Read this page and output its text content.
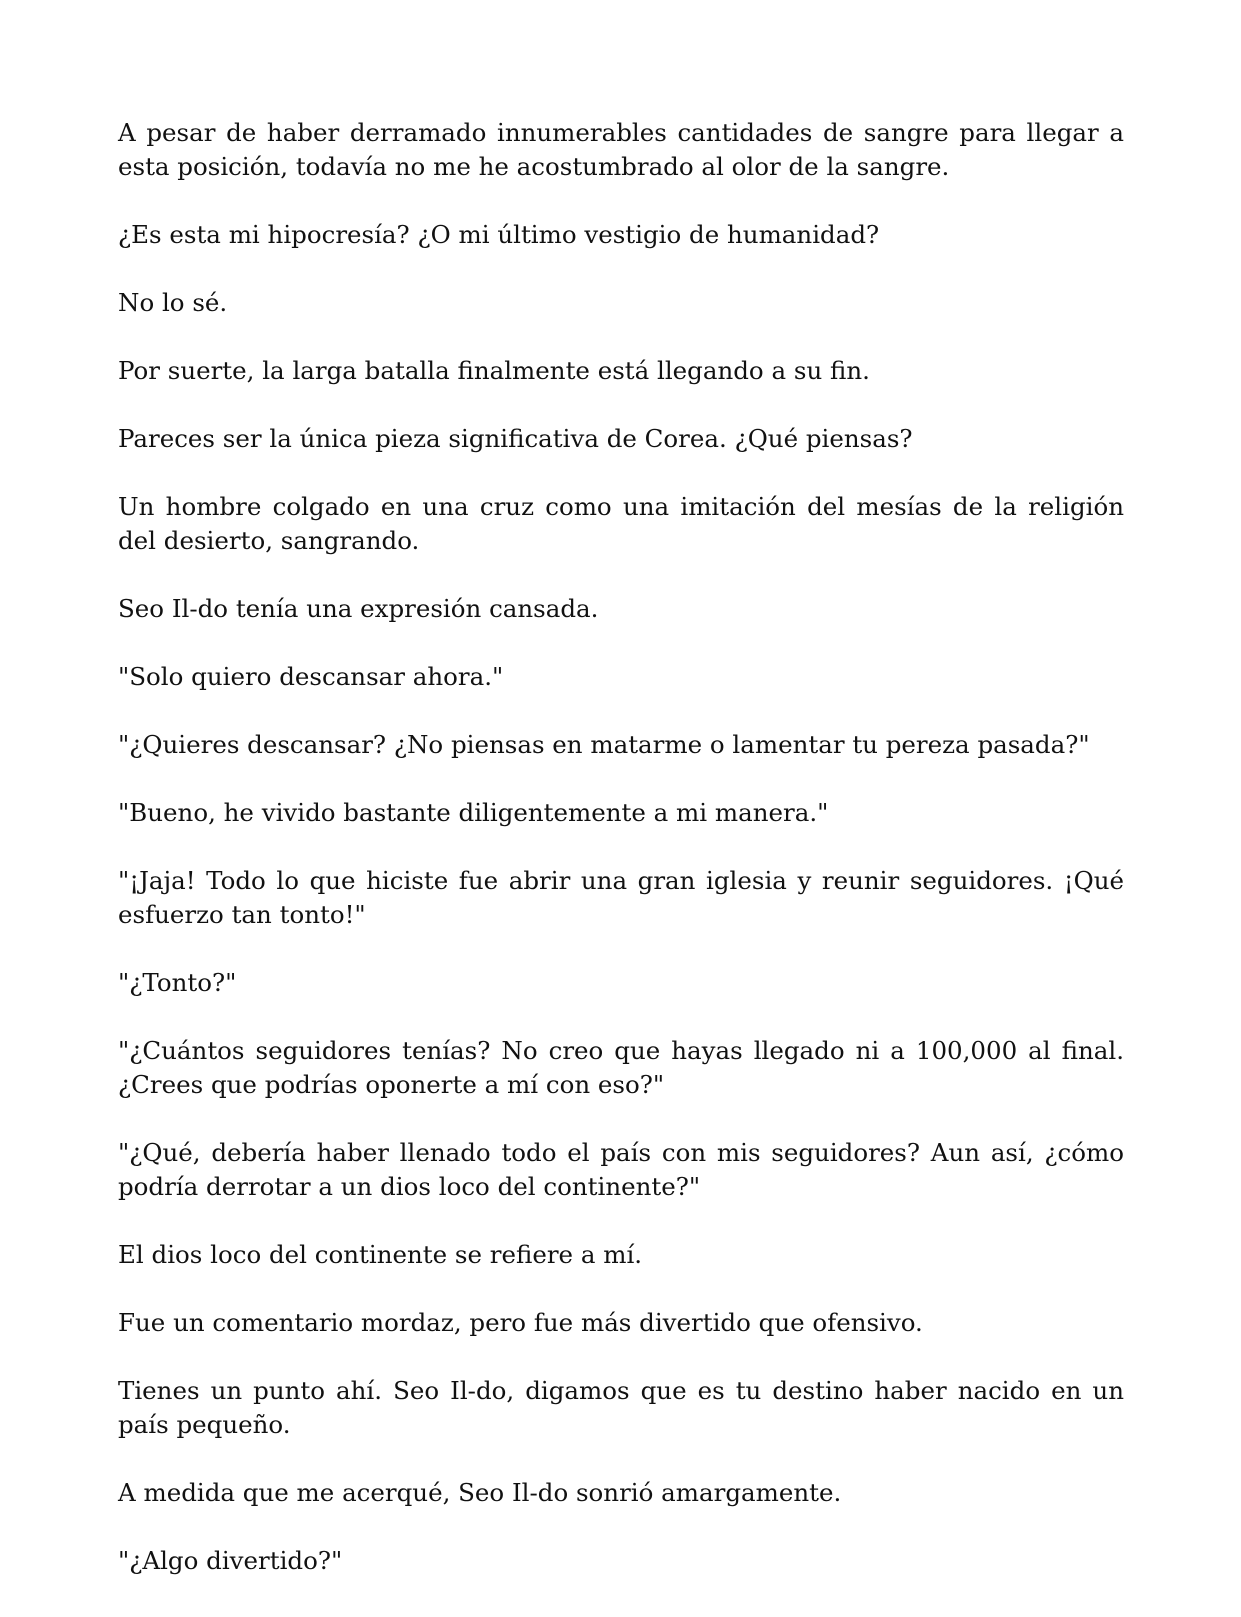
A pesar de haber derramado innumerables cantidades de sangre para llegar a esta posición, todavía no me he acostumbrado al olor de la sangre.

¿Es esta mi hipocresía? ¿O mi último vestigio de humanidad?

No lo sé.

Por suerte, la larga batalla finalmente está llegando a su fin.

Pareces ser la única pieza significativa de Corea. ¿Qué piensas?

Un hombre colgado en una cruz como una imitación del mesías de la religión del desierto, sangrando.

Seo Il-do tenía una expresión cansada.

"Solo quiero descansar ahora."

"¿Quieres descansar? ¿No piensas en matarme o lamentar tu pereza pasada?"

"Bueno, he vivido bastante diligentemente a mi manera."

"¡Jaja! Todo lo que hiciste fue abrir una gran iglesia y reunir seguidores. ¡Qué esfuerzo tan tonto!"

"¿Tonto?"

"¿Cuántos seguidores tenías? No creo que hayas llegado ni a 100,000 al final. ¿Crees que podrías oponerte a mí con eso?"

"¿Qué, debería haber llenado todo el país con mis seguidores? Aun así, ¿cómo podría derrotar a un dios loco del continente?"

El dios loco del continente se refiere a mí.

Fue un comentario mordaz, pero fue más divertido que ofensivo.

Tienes un punto ahí. Seo Il-do, digamos que es tu destino haber nacido en un país pequeño.

A medida que me acerqué, Seo Il-do sonrió amargamente.

"¿Algo divertido?"
